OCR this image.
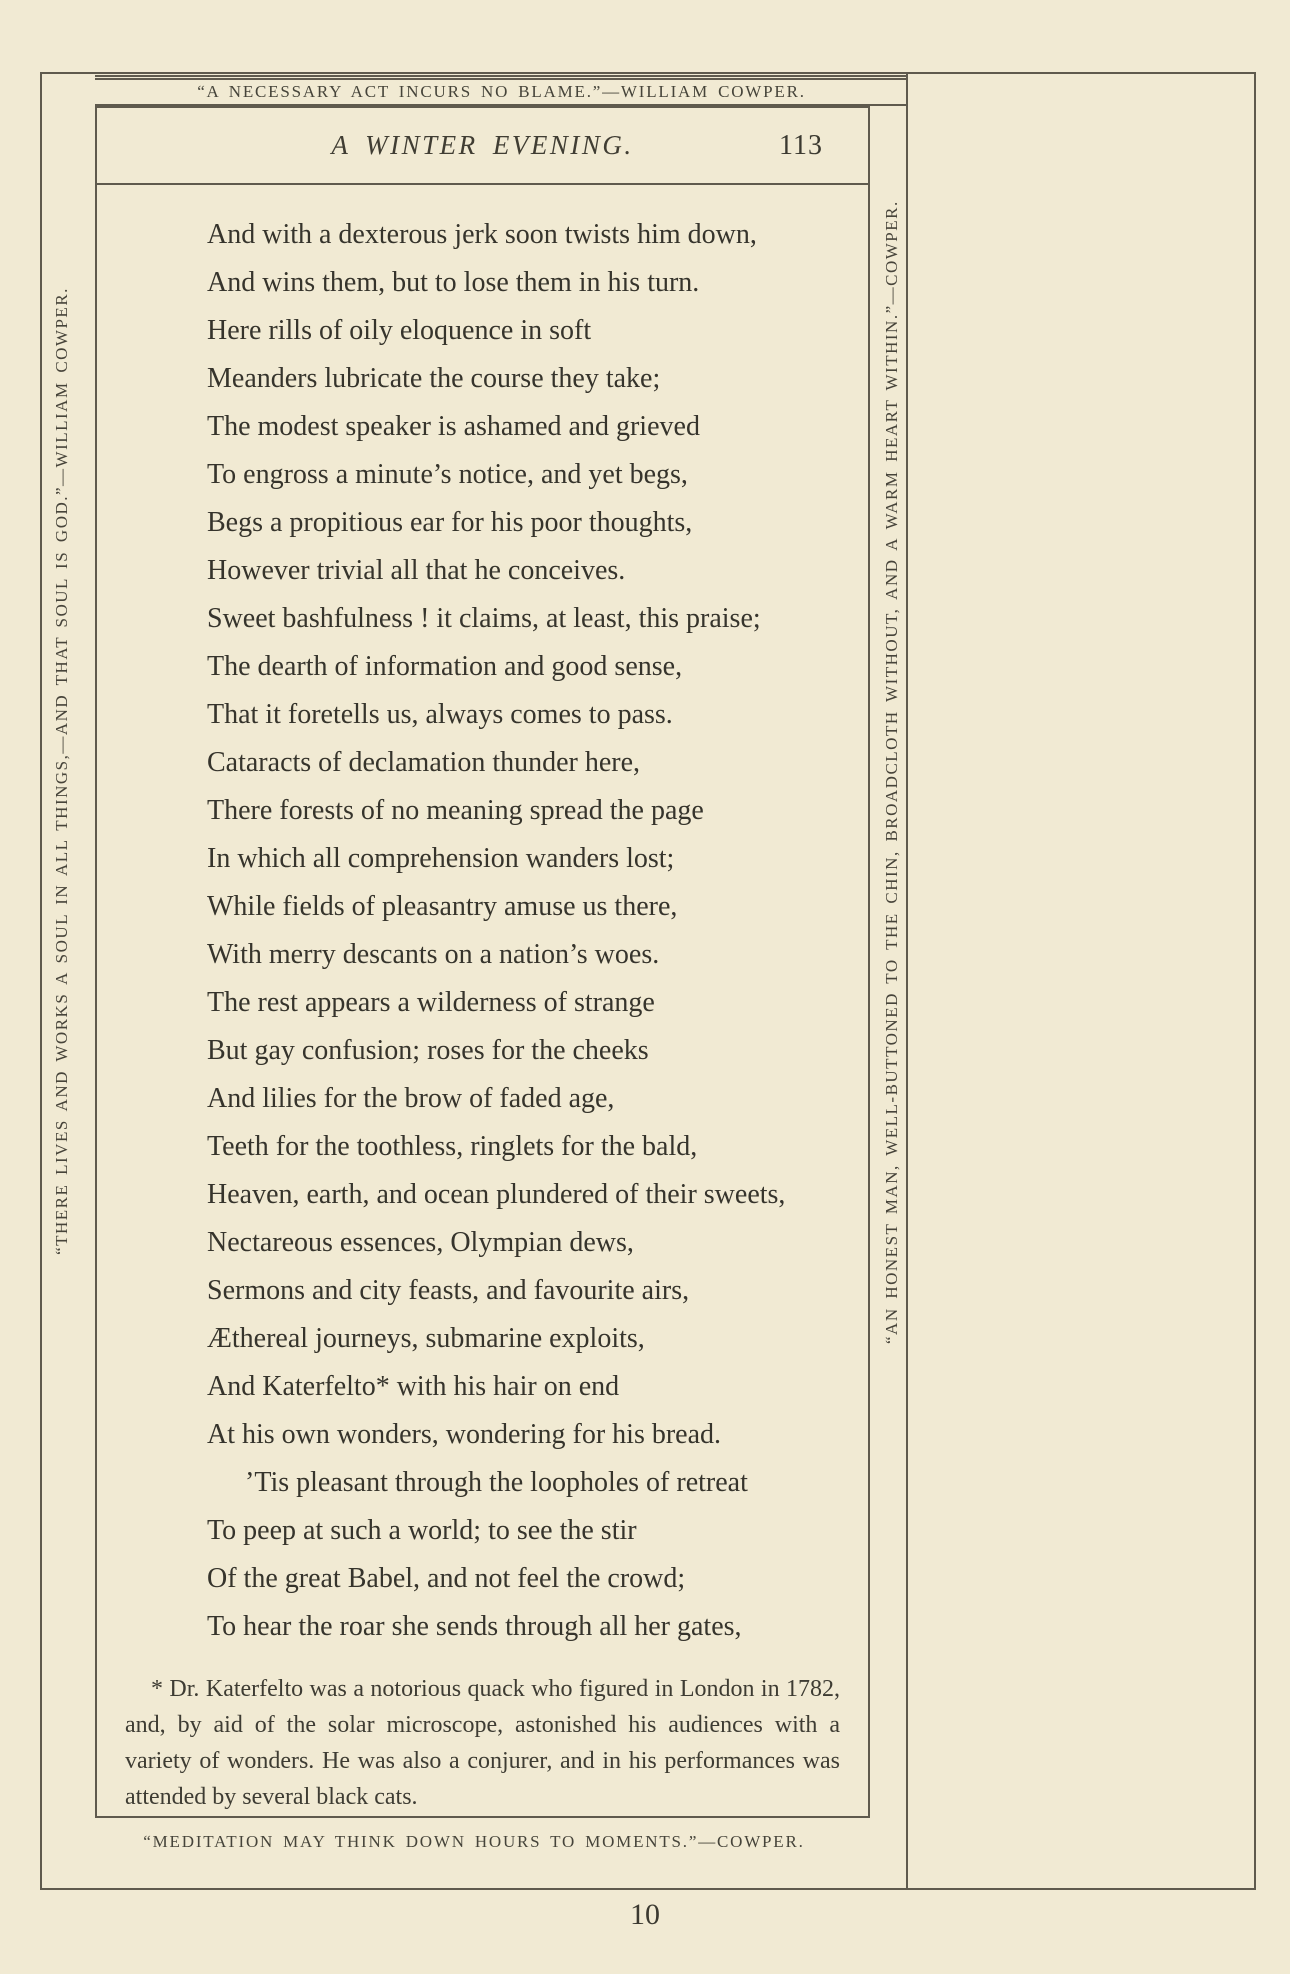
“A NECESSARY ACT INCURS NO BLAME.”—WILLIAM COWPER.
“THERE LIVES AND WORKS A SOUL IN ALL THINGS,—AND THAT SOUL IS GOD.”—WILLIAM COWPER.	“AN HONEST MAN, WELL-BUTTONED TO THE CHIN, BROADCLOTH WITHOUT, AND A WARM HEART WITHIN.”—COWPER.
A WINTER EVENING.	113
And with a dexterous jerk soon twists him down,
And wins them, but to lose them in his turn.
Here rills of oily eloquence in soft
Meanders lubricate the course they take;
The modest speaker is ashamed and grieved
To engross a minute’s notice, and yet begs,
Begs a propitious ear for his poor thoughts,
However trivial all that he conceives.
Sweet bashfulness ! it claims, at least, this praise;
The dearth of information and good sense,
That it foretells us, always comes to pass.
Cataracts of declamation thunder here,
There forests of no meaning spread the page
In which all comprehension wanders lost;
While fields of pleasantry amuse us there,
With merry descants on a nation’s woes.
The rest appears a wilderness of strange
But gay confusion; roses for the cheeks
And lilies for the brow of faded age,
Teeth for the toothless, ringlets for the bald,
Heaven, earth, and ocean plundered of their sweets,
Nectareous essences, Olympian dews,
Sermons and city feasts, and favourite airs,
Æthereal journeys, submarine exploits,
And Katerfelto* with his hair on end
At his own wonders, wondering for his bread.
’Tis pleasant through the loopholes of retreat
To peep at such a world; to see the stir
Of the great Babel, and not feel the crowd;
To hear the roar she sends through all her gates,
* Dr. Katerfelto was a notorious quack who figured in London in 1782, and, by aid of the solar microscope, astonished his audiences with a variety of wonders. He was also a conjurer, and in his performances was attended by several black cats.
“MEDITATION MAY THINK DOWN HOURS TO MOMENTS.”—COWPER.
10
